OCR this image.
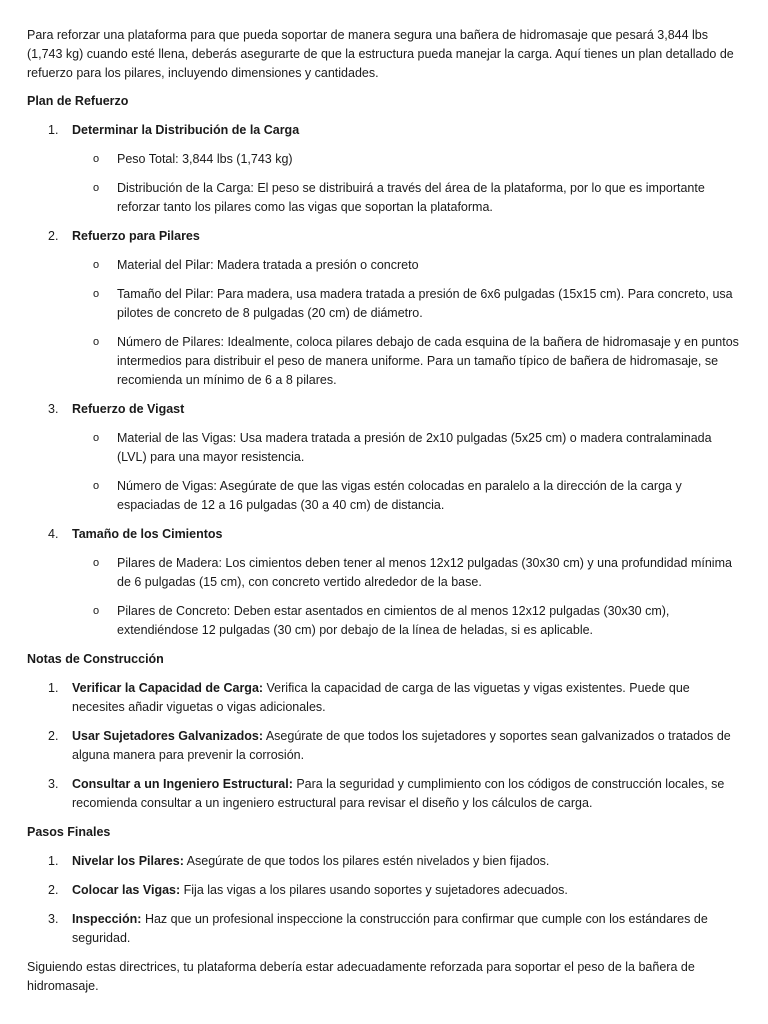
Para reforzar una plataforma para que pueda soportar de manera segura una bañera de hidromasaje que pesará 3,844 lbs (1,743 kg) cuando esté llena, deberás asegurarte de que la estructura pueda manejar la carga. Aquí tienes un plan detallado de refuerzo para los pilares, incluyendo dimensiones y cantidades.

Plan de Refuerzo

1. Determinar la Distribución de la Carga
o Peso Total: 3,844 lbs (1,743 kg)
o Distribución de la Carga: El peso se distribuirá a través del área de la plataforma, por lo que es importante reforzar tanto los pilares como las vigas que soportan la plataforma.
2. Refuerzo para Pilares
o Material del Pilar: Madera tratada a presión o concreto
o Tamaño del Pilar: Para madera, usa madera tratada a presión de 6x6 pulgadas (15x15 cm). Para concreto, usa pilotes de concreto de 8 pulgadas (20 cm) de diámetro.
o Número de Pilares: Idealmente, coloca pilares debajo de cada esquina de la bañera de hidromasaje y en puntos intermedios para distribuir el peso de manera uniforme. Para un tamaño típico de bañera de hidromasaje, se recomienda un mínimo de 6 a 8 pilares.
3. Refuerzo de Vigast
o Material de las Vigas: Usa madera tratada a presión de 2x10 pulgadas (5x25 cm) o madera contralaminada (LVL) para una mayor resistencia.
o Número de Vigas: Asegúrate de que las vigas estén colocadas en paralelo a la dirección de la carga y espaciadas de 12 a 16 pulgadas (30 a 40 cm) de distancia.
4. Tamaño de los Cimientos
o Pilares de Madera: Los cimientos deben tener al menos 12x12 pulgadas (30x30 cm) y una profundidad mínima de 6 pulgadas (15 cm), con concreto vertido alrededor de la base.
o Pilares de Concreto: Deben estar asentados en cimientos de al menos 12x12 pulgadas (30x30 cm), extendiéndose 12 pulgadas (30 cm) por debajo de la línea de heladas, si es aplicable.

Notas de Construcción

1. Verificar la Capacidad de Carga: Verifica la capacidad de carga de las viguetas y vigas existentes. Puede que necesites añadir viguetas o vigas adicionales.
2. Usar Sujetadores Galvanizados: Asegúrate de que todos los sujetadores y soportes sean galvanizados o tratados de alguna manera para prevenir la corrosión.
3. Consultar a un Ingeniero Estructural: Para la seguridad y cumplimiento con los códigos de construcción locales, se recomienda consultar a un ingeniero estructural para revisar el diseño y los cálculos de carga.

Pasos Finales

1. Nivelar los Pilares: Asegúrate de que todos los pilares estén nivelados y bien fijados.
2. Colocar las Vigas: Fija las vigas a los pilares usando soportes y sujetadores adecuados.
3. Inspección: Haz que un profesional inspeccione la construcción para confirmar que cumple con los estándares de seguridad.

Siguiendo estas directrices, tu plataforma debería estar adecuadamente reforzada para soportar el peso de la bañera de hidromasaje.
